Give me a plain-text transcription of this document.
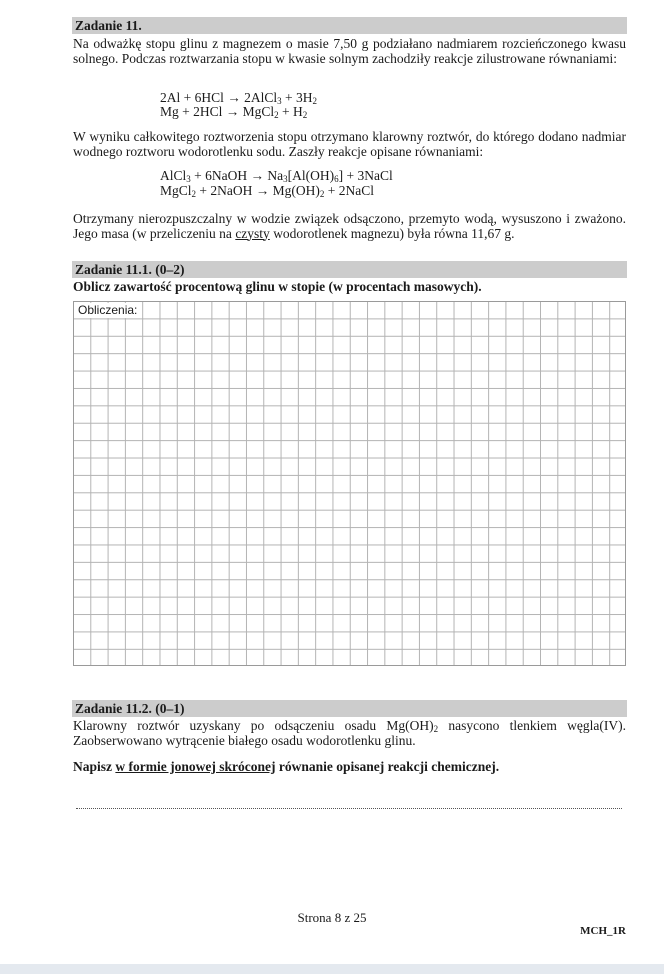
Zadanie 11.
Na odważkę stopu glinu z magnezem o masie 7,50 g podziałano nadmiarem rozcieńczonego kwasu solnego. Podczas roztwarzania stopu w kwasie solnym zachodziły reakcje zilustrowane równaniami:
2Al + 6HCl → 2AlCl$_3$ + $3H_2$
Mg + 2HCl → MgCl$_2$ + $H_2$
W wyniku całkowitego roztworzenia stopu otrzymano klarowny roztwór, do którego dodano nadmiar wodnego roztworu wodorotlenku sodu. Zaszły reakcje opisane równaniami:
AlCl$_3$ + 6NaOH → $Na_3[Al(OH)_6]$ + 3NaCl
MgCl$_2$ + 2NaOH → $Mg(OH)_2$ + 2NaCl
Otrzymany nierozpuszczalny w wodzie związek odsączono, przemyto wodą, wysuszono i zważono. Jego masa (w przeliczeniu na czysty wodorotlenek magnezu) była równa 11,67 g.
Zadanie 11.1. (0–2)
Oblicz zawartość procentową glinu w stopie (w procentach masowych).
Obliczenia:
Zadanie 11.2. (0–1)
Klarowny roztwór uzyskany po odsączeniu osadu $Mg(OH)_2$ nasycono tlenkiem węgla(IV). Zaobserwowano wytrącenie białego osadu wodorotlenku glinu.
Napisz w formie jonowej skróconej równanie opisanej reakcji chemicznej.
Strona 8 z 25
MCH_1R
